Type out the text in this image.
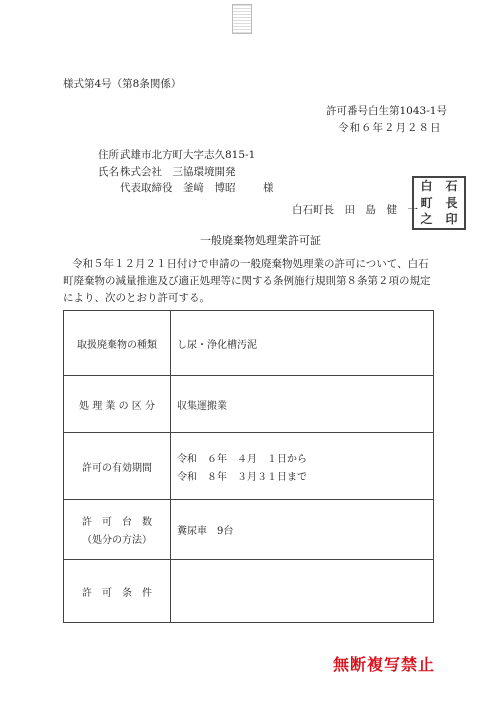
様式第4号（第8条関係）
許可番号白生第1043-1号
令和６年２月２８日
住所 武雄市北方町大字志久815-1
氏名 株式会社　三協環境開発
代表取締役　釜﨑　博昭	様
白石町長　田　島　健　一
白	石
町	長
之	印
一般廃棄物処理業許可証
令和５年１２月２１日付けで申請の一般廃棄物処理業の許可について、白石
町廃棄物の減量推進及び適正処理等に関する条例施行規則第８条第２項の規定
により、次のとおり許可する。
取扱廃棄物の種類	し尿・浄化槽汚泥
処 理 業 の 区 分	収集運搬業
許可の有効期間	令和　６年　４月　１日から
令和　８年　３月３１日まで

許　可　台　数
（処分の方法）	糞尿車　9台
許　可　条　件	
無断複写禁止
